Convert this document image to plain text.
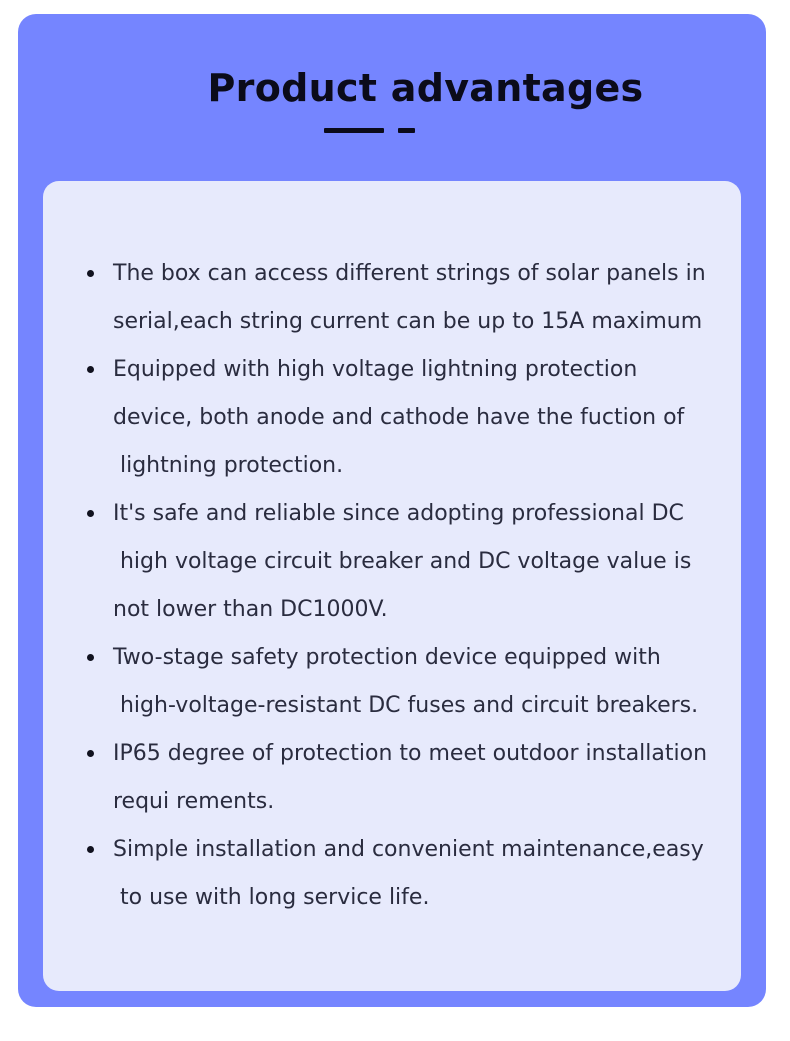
Product advantages
The box can access different strings of solar panels in
serial,each string current can be up to 15A maximum
Equipped with high voltage lightning protection
device, both anode and cathode have the fuction of
lightning protection.
It's safe and reliable since adopting professional DC
high voltage circuit breaker and DC voltage value is
not lower than DC1000V.
Two-stage safety protection device equipped with
high-voltage-resistant DC fuses and circuit breakers.
IP65 degree of protection to meet outdoor installation
requi rements.
Simple installation and convenient maintenance,easy
to use with long service life.
